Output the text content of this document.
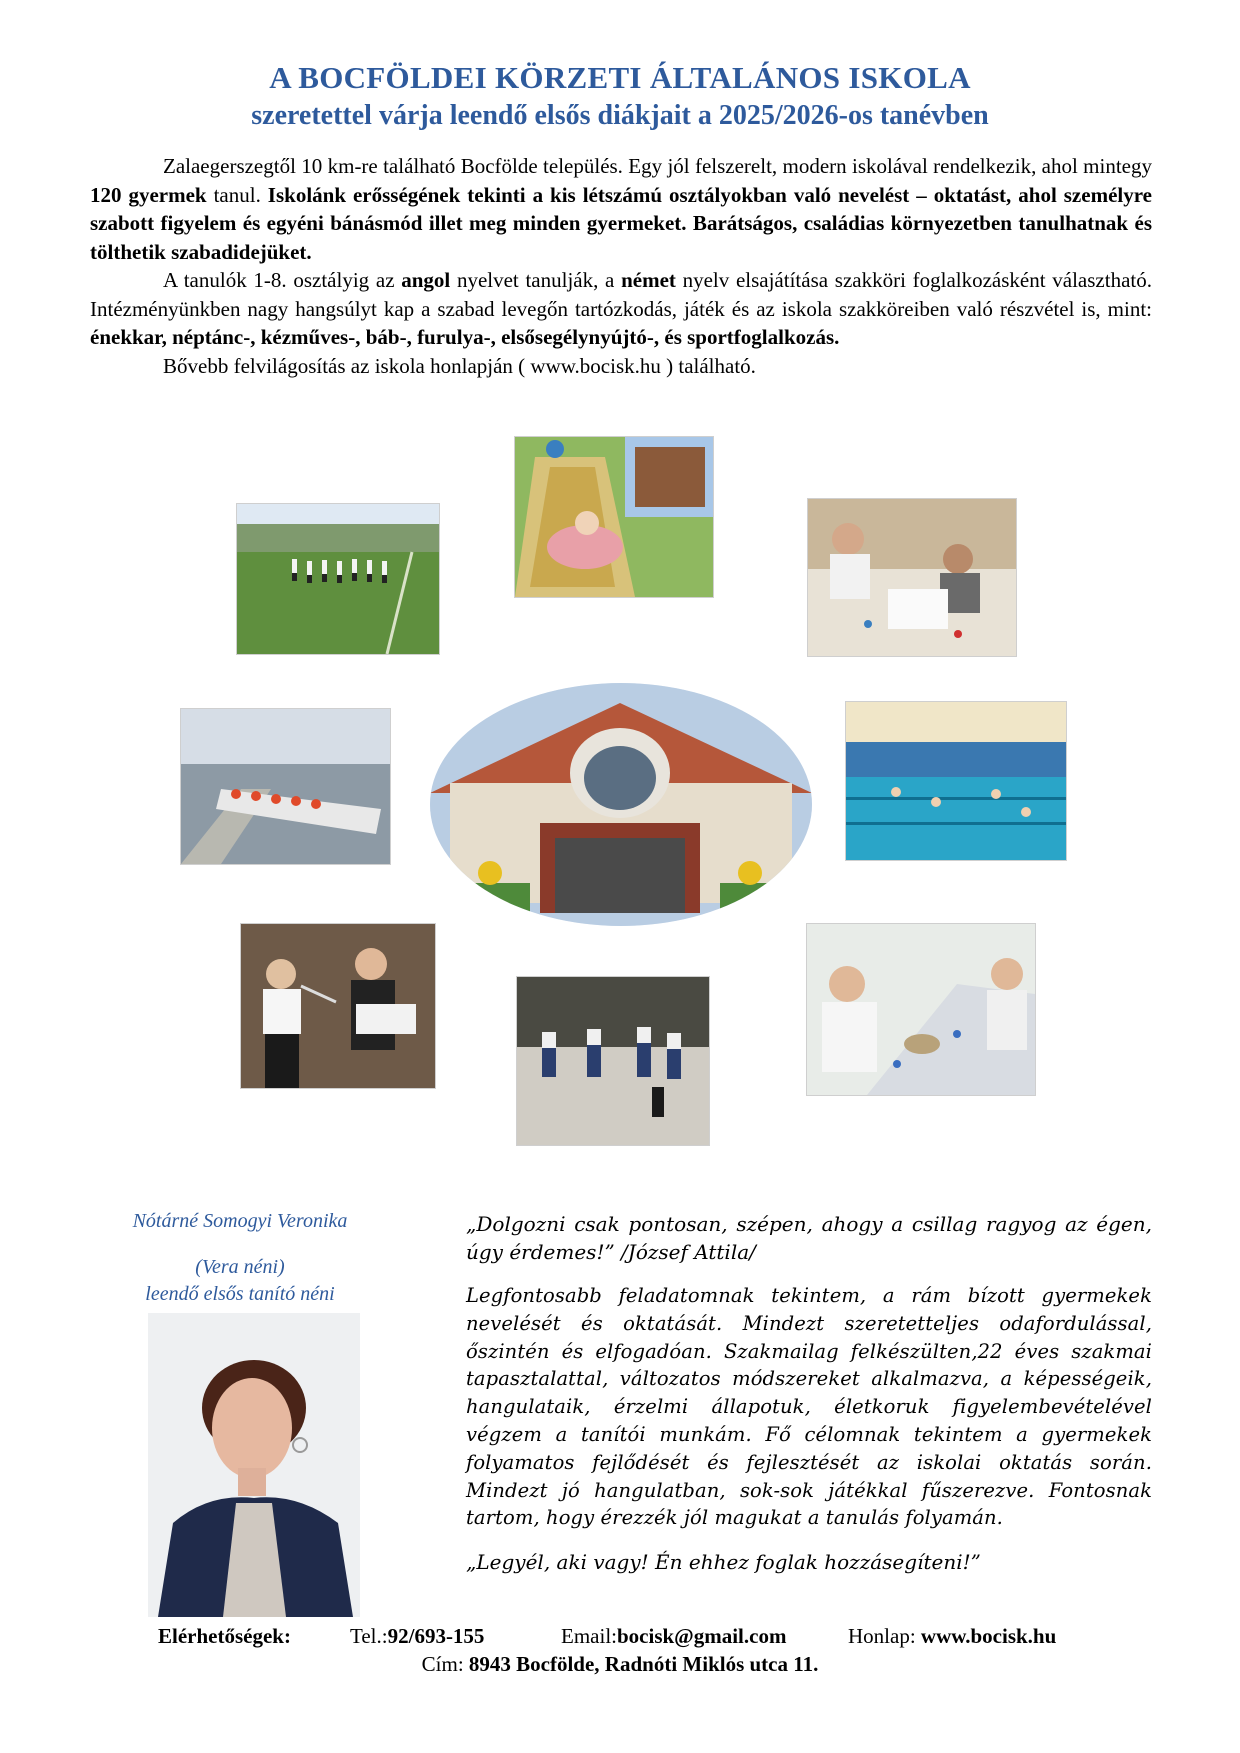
A BOCFÖLDEI KÖRZETI ÁLTALÁNOS ISKOLA
szeretettel várja leendő elsős diákjait a 2025/2026-os tanévben

Zalaegerszegtől 10 km-re található Bocfölde település. Egy jól felszerelt, modern iskolával rendelkezik, ahol mintegy 120 gyermek tanul. Iskolánk erősségének tekinti a kis létszámú osztályokban való nevelést – oktatást, ahol személyre szabott figyelem és egyéni bánásmód illet meg minden gyermeket. Barátságos, családias környezetben tanulhatnak és tölthetik szabadidejüket.

A tanulók 1-8. osztályig az angol nyelvet tanulják, a német nyelv elsajátítása szakköri foglalkozásként választható. Intézményünkben nagy hangsúlyt kap a szabad levegőn tartózkodás, játék és az iskola szakköreiben való részvétel is, mint: énekkar, néptánc-, kézműves-, báb-, furulya-, elsősegélynyújtó-, és sportfoglalkozás.

Bővebb felvilágosítás az iskola honlapján ( www.bocisk.hu ) található.

Nótárné Somogyi Veronika
(Vera néni)
leendő elsős tanító néni

„Dolgozni csak pontosan, szépen, ahogy a csillag ragyog az égen, úgy érdemes!” /József Attila/

Legfontosabb feladatomnak tekintem, a rám bízott gyermekek nevelését és oktatását. Mindezt szeretetteljes odafordulással, őszintén és elfogadóan. Szakmailag felkészülten,22 éves szakmai tapasztalattal, változatos módszereket alkalmazva, a képességeik, hangulataik, érzelmi állapotuk, életkoruk figyelembevételével végzem a tanítói munkám. Fő célomnak tekintem a gyermekek folyamatos fejlődését és fejlesztését az iskolai oktatás során. Mindezt jó hangulatban, sok-sok játékkal fűszerezve. Fontosnak tartom, hogy érezzék jól magukat a tanulás folyamán.

„Legyél, aki vagy! Én ehhez foglak hozzásegíteni!”

Elérhetőségek:	Tel.:92/693-155	Email:bocisk@gmail.com	Honlap: www.bocisk.hu
Cím: 8943 Bocfölde, Radnóti Miklós utca 11.
